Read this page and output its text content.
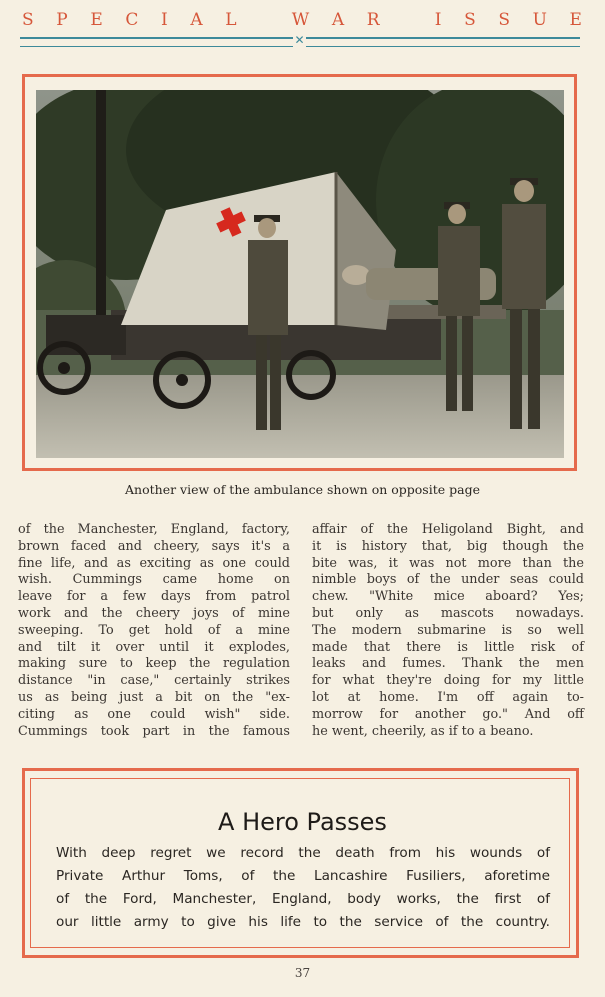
S P E C I A L	W A R	I S S U E
✕
Another view of the ambulance shown on opposite page

of the Manchester, England, factory,

brown faced and cheery, says it's a

fine life, and as exciting as one could

wish. Cummings came home on

leave for a few days from patrol

work and the cheery joys of mine

sweeping. To get hold of a mine

and tilt it over until it explodes,

making sure to keep the regulation

distance "in case," certainly strikes

us as being just a bit on the "ex-

citing as one could wish" side.

Cummings took part in the famous

affair of the Heligoland Bight, and

it is history that, big though the

bite was, it was not more than the

nimble boys of the under seas could

chew. "White mice aboard? Yes;

but only as mascots nowadays.

The modern submarine is so well

made that there is little risk of

leaks and fumes. Thank the men

for what they're doing for my little

lot at home. I'm off again to-

morrow for another go." And off

he went, cheerily, as if to a beano.

A Hero Passes
With deep regret we record the death from his wounds of
Private Arthur Toms, of the Lancashire Fusiliers, aforetime
of the Ford, Manchester, England, body works, the first of
our little army to give his life to the service of the country.
37
